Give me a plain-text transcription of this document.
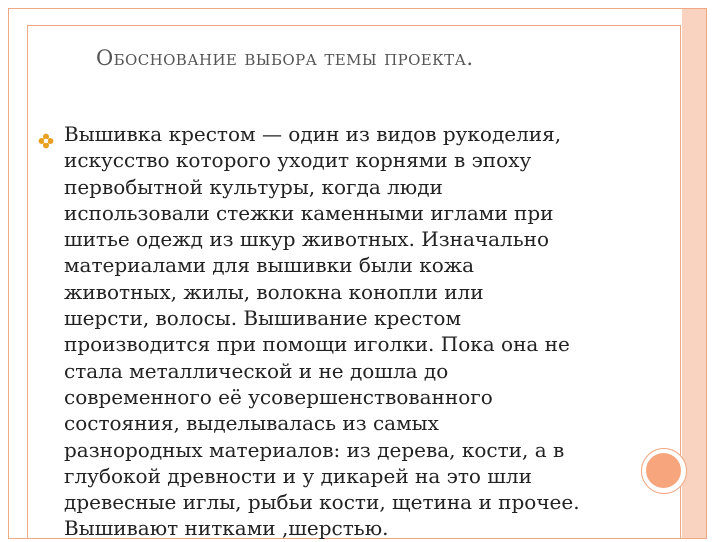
Обоснование выбора темы проекта.

Вышивка крестом — один из видов рукоделия,
искусство которого уходит корнями в эпоху
первобытной культуры, когда люди
использовали стежки каменными иглами при
шитье одежд из шкур животных. Изначально
материалами для вышивки были кожа
животных, жилы, волокна конопли или
шерсти, волосы. Вышивание крестом
производится при помощи иголки. Пока она не
стала металлической и не дошла до
современного её усовершенствованного
состояния, выделывалась из самых
разнородных материалов: из дерева, кости, а в
глубокой древности и у дикарей на это шли
древесные иглы, рыбьи кости, щетина и прочее.
Вышивают нитками ,шерстью.
